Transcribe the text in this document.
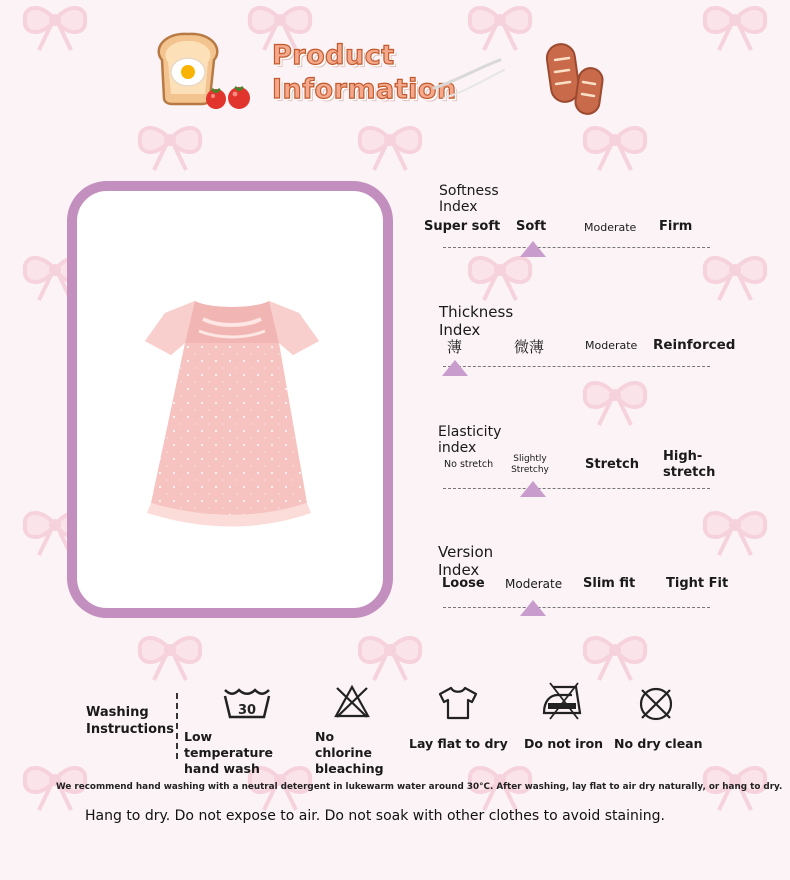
Product
Information
Softness Index
Super soft Soft	Moderate Firm
Thickness Index
薄	微薄	Moderate Reinforced
Elasticity index
No stretch	Slightly Stretchy	Stretch
High-stretch
Version Index
Loose Moderate Slim fit Tight Fit
Washing Instructions
30
Low temperature hand wash
No chlorine bleaching
Lay flat to dry Do not iron No dry clean
We recommend hand washing with a neutral detergent in lukewarm water around 30°C. After washing, lay flat to air dry naturally, or hang to dry.
Hang to dry. Do not expose to air. Do not soak with other clothes to avoid staining.
